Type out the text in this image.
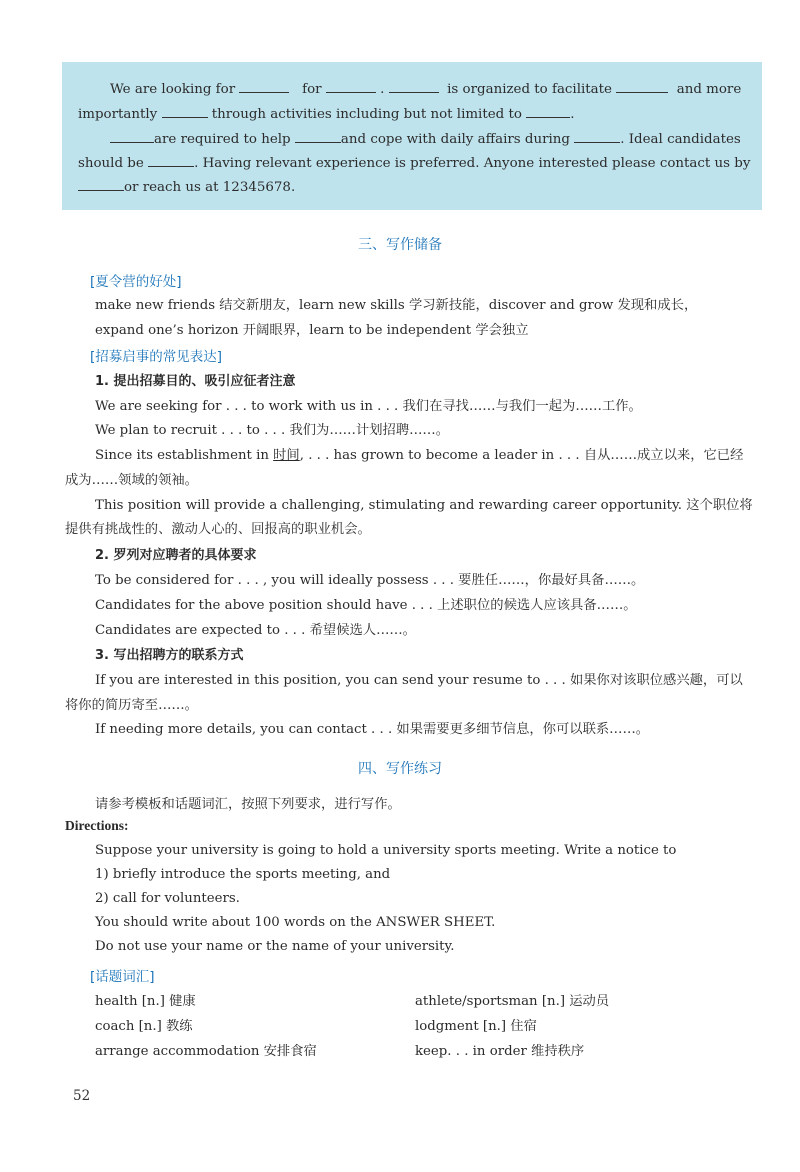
We are looking for	for	.	is organized to facilitate	and more
importantly	through activities including but not limited to	.
are required to help	and cope with daily affairs during	. Ideal candidates
should be	. Having relevant experience is preferred. Anyone interested please contact us by
or reach us at 12345678.
三、写作储备
[夏令营的好处]
make new friends 结交新朋友，learn new skills 学习新技能，discover and grow 发现和成长，
expand one’s horizon 开阔眼界，learn to be independent 学会独立
[招募启事的常见表达]
1. 提出招募目的、吸引应征者注意
We are seeking for . . . to work with us in . . . 我们在寻找……与我们一起为……工作。
We plan to recruit . . . to . . . 我们为……计划招聘……。
Since its establishment in 时间, . . . has grown to become a leader in . . . 自从……成立以来，它已经
成为……领域的领袖。
This position will provide a challenging, stimulating and rewarding career opportunity. 这个职位将
提供有挑战性的、激动人心的、回报高的职业机会。
2. 罗列对应聘者的具体要求
To be considered for . . . , you will ideally possess . . . 要胜任……，你最好具备……。
Candidates for the above position should have . . . 上述职位的候选人应该具备……。
Candidates are expected to . . . 希望候选人……。
3. 写出招聘方的联系方式
If you are interested in this position, you can send your resume to . . . 如果你对该职位感兴趣，可以
将你的简历寄至……。
If needing more details, you can contact . . . 如果需要更多细节信息，你可以联系……。
四、写作练习
请参考模板和话题词汇，按照下列要求，进行写作。
Directions:
Suppose your university is going to hold a university sports meeting. Write a notice to
1) briefly introduce the sports meeting, and
2) call for volunteers.
You should write about 100 words on the ANSWER SHEET.
Do not use your name or the name of your university.
[话题词汇]
health [n.] 健康	athlete/sportsman [n.] 运动员
coach [n.] 教练	lodgment [n.] 住宿
arrange accommodation 安排食宿	keep. . . in order 维持秩序
52
